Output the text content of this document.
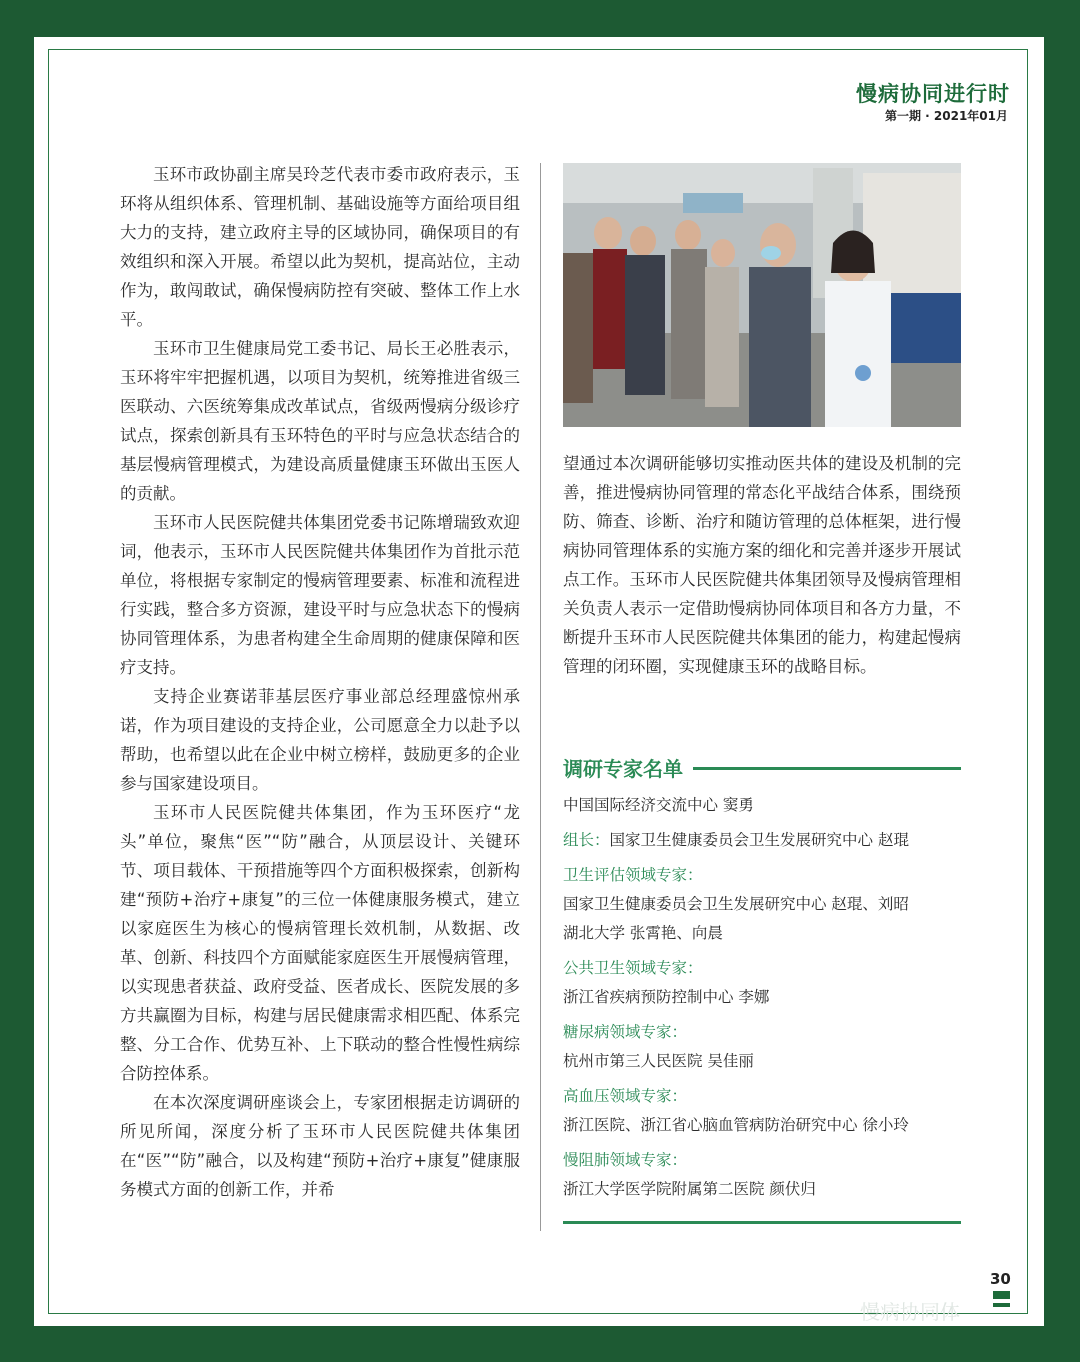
慢病协同进行时
第一期 · 2021年01月

玉环市政协副主席吴玲芝代表市委市政府表示，玉环将从组织体系、管理机制、基础设施等方面给项目组大力的支持，建立政府主导的区域协同，确保项目的有效组织和深入开展。希望以此为契机，提高站位，主动作为，敢闯敢试，确保慢病防控有突破、整体工作上水平。

玉环市卫生健康局党工委书记、局长王必胜表示，玉环将牢牢把握机遇，以项目为契机，统筹推进省级三医联动、六医统筹集成改革试点，省级两慢病分级诊疗试点，探索创新具有玉环特色的平时与应急状态结合的基层慢病管理模式，为建设高质量健康玉环做出玉医人的贡献。

玉环市人民医院健共体集团党委书记陈增瑞致欢迎词，他表示，玉环市人民医院健共体集团作为首批示范单位，将根据专家制定的慢病管理要素、标准和流程进行实践，整合多方资源，建设平时与应急状态下的慢病协同管理体系，为患者构建全生命周期的健康保障和医疗支持。

支持企业赛诺菲基层医疗事业部总经理盛惊州承诺，作为项目建设的支持企业，公司愿意全力以赴予以帮助，也希望以此在企业中树立榜样，鼓励更多的企业参与国家建设项目。

玉环市人民医院健共体集团，作为玉环医疗“龙头”单位，聚焦“医”“防”融合，从顶层设计、关键环节、项目载体、干预措施等四个方面积极探索，创新构建“预防+治疗+康复”的三位一体健康服务模式，建立以家庭医生为核心的慢病管理长效机制，从数据、改革、创新、科技四个方面赋能家庭医生开展慢病管理，以实现患者获益、政府受益、医者成长、医院发展的多方共赢圈为目标，构建与居民健康需求相匹配、体系完整、分工合作、优势互补、上下联动的整合性慢性病综合防控体系。

在本次深度调研座谈会上，专家团根据走访调研的所见所闻，深度分析了玉环市人民医院健共体集团在“医”“防”融合，以及构建“预防+治疗+康复”健康服务模式方面的创新工作，并希

望通过本次调研能够切实推动医共体的建设及机制的完善，推进慢病协同管理的常态化平战结合体系，围绕预防、筛查、诊断、治疗和随访管理的总体框架，进行慢病协同管理体系的实施方案的细化和完善并逐步开展试点工作。玉环市人民医院健共体集团领导及慢病管理相关负责人表示一定借助慢病协同体项目和各方力量，不断提升玉环市人民医院健共体集团的能力，构建起慢病管理的闭环圈，实现健康玉环的战略目标。

调研专家名单
中国国际经济交流中心 窦勇
组长：国家卫生健康委员会卫生发展研究中心 赵琨
卫生评估领域专家：
国家卫生健康委员会卫生发展研究中心 赵琨、刘昭
湖北大学 张霄艳、向晨
公共卫生领域专家：
浙江省疾病预防控制中心 李娜
糖尿病领域专家：
杭州市第三人民医院 吴佳丽
高血压领域专家：
浙江医院、浙江省心脑血管病防治研究中心 徐小玲
慢阻肺领域专家：
浙江大学医学院附属第二医院 颜伏归
30
慢病协同体
